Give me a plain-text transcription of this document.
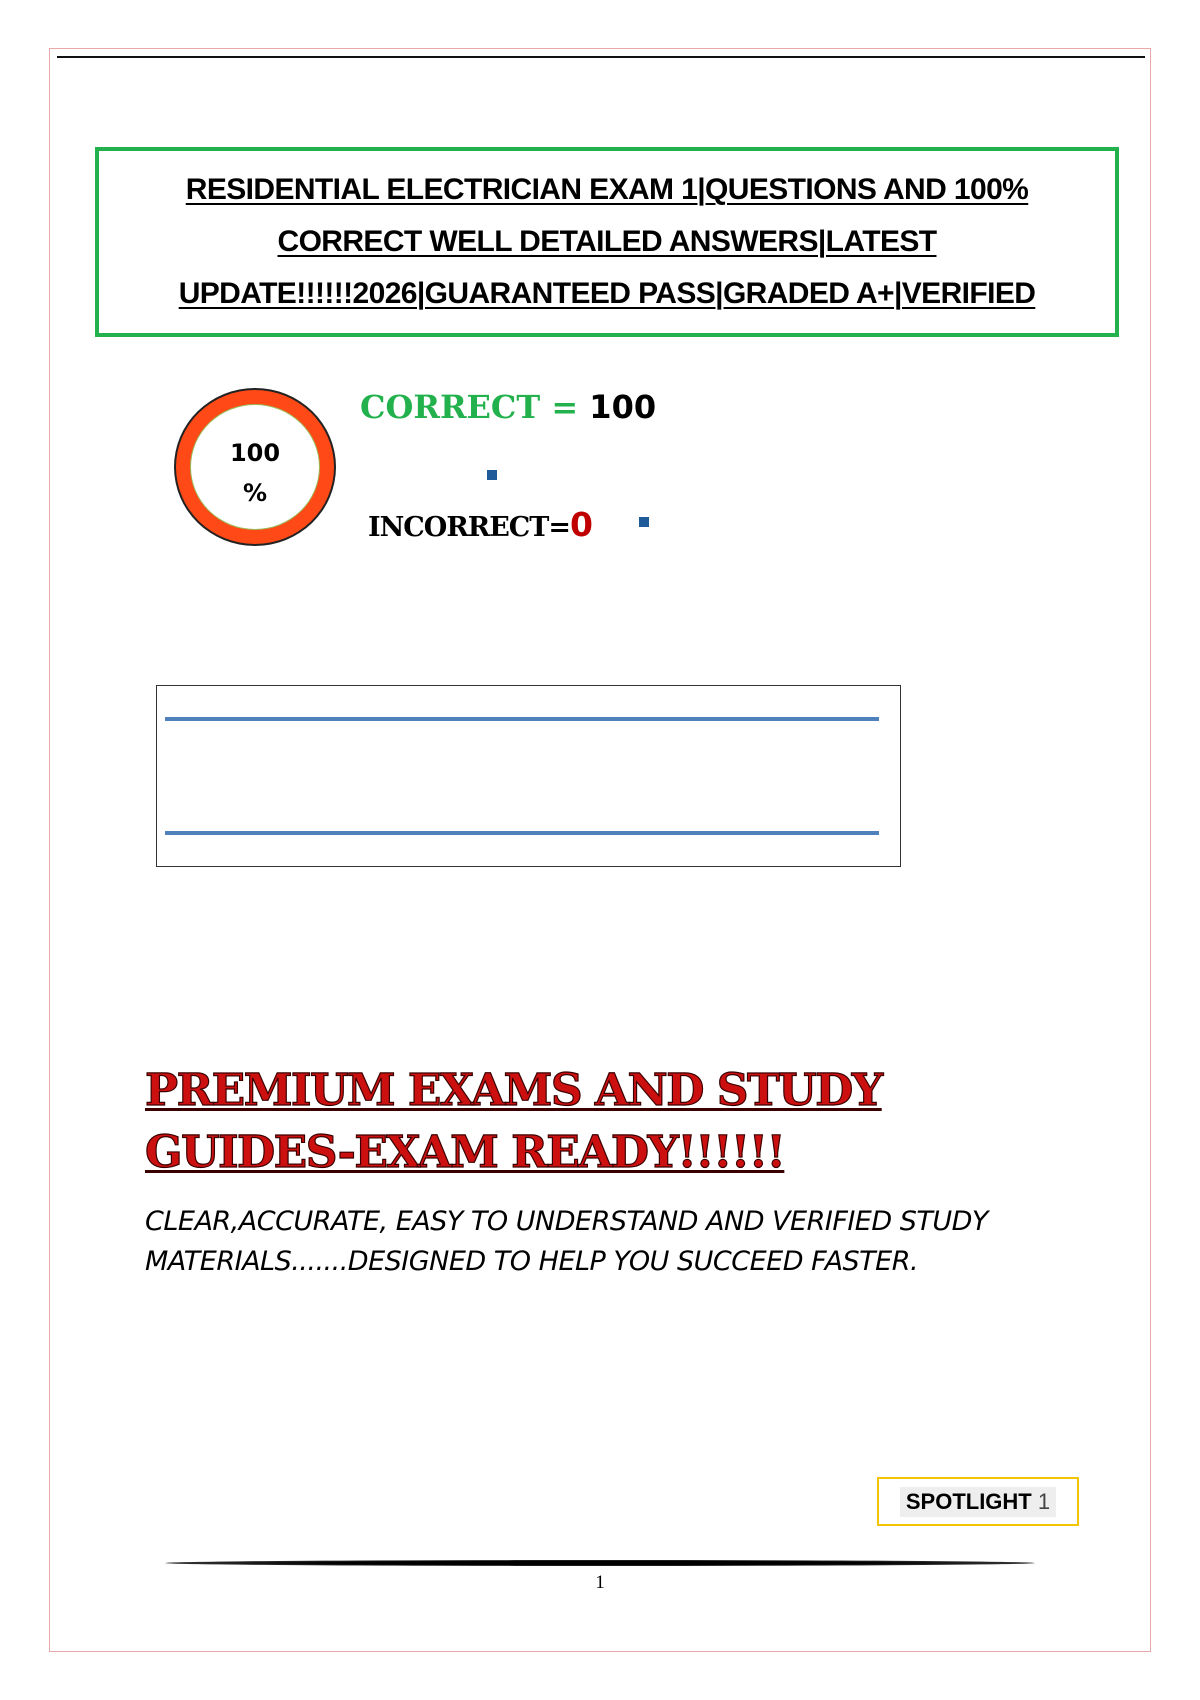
RESIDENTIAL ELECTRICIAN EXAM 1|QUESTIONS AND 100% CORRECT WELL DETAILED ANSWERS|LATEST UPDATE!!!!!!2026|GUARANTEED PASS|GRADED A+|VERIFIED
100
%
CORRECT = 100
INCORRECT=0
PREMIUM EXAMS AND STUDY GUIDES-EXAM READY!!!!!!
CLEAR,ACCURATE, EASY TO UNDERSTAND AND VERIFIED STUDY MATERIALS.......DESIGNED TO HELP YOU SUCCEED FASTER.
SPOTLIGHT 1
1
